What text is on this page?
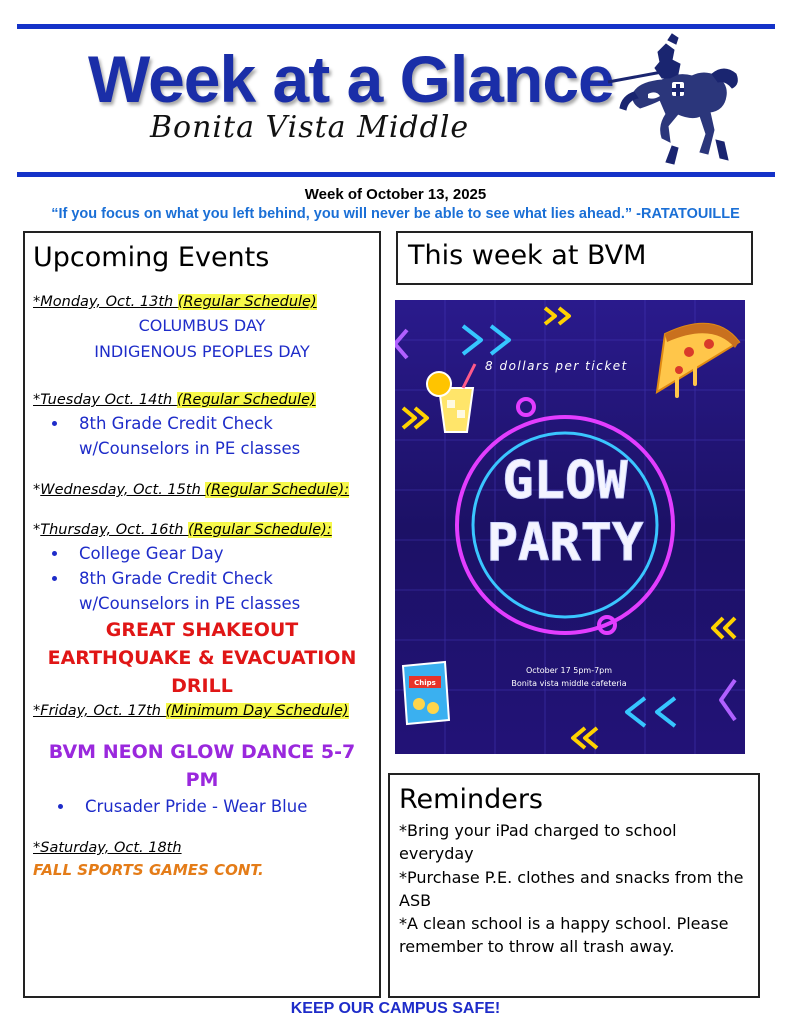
Week at a Glance
Bonita Vista Middle
Week of October 13, 2025
“If you focus on what you left behind, you will never be able to see what lies ahead.” -RATATOUILLE
Upcoming Events
*Monday, Oct. 13th (Regular Schedule)
COLUMBUS DAY
INDIGENOUS PEOPLES DAY
*Tuesday Oct. 14th (Regular Schedule)
• 8th Grade Credit Check w/Counselors in PE classes
*Wednesday, Oct. 15th (Regular Schedule):
*Thursday, Oct. 16th (Regular Schedule):
• College Gear Day
• 8th Grade Credit Check w/Counselors in PE classes
GREAT SHAKEOUT EARTHQUAKE & EVACUATION DRILL
*Friday, Oct. 17th (Minimum Day Schedule)
BVM NEON GLOW DANCE 5-7 PM
• Crusader Pride - Wear Blue
*Saturday, Oct. 18th
FALL SPORTS GAMES CONT.
This week at BVM
8 dollars per ticket
GLOW
PARTY
October 17 5pm-7pm
Bonita vista middle cafeteria
Chips
Reminders
*Bring your iPad charged to school everyday
*Purchase P.E. clothes and snacks from the ASB
*A clean school is a happy school. Please remember to throw all trash away.
KEEP OUR CAMPUS SAFE!
